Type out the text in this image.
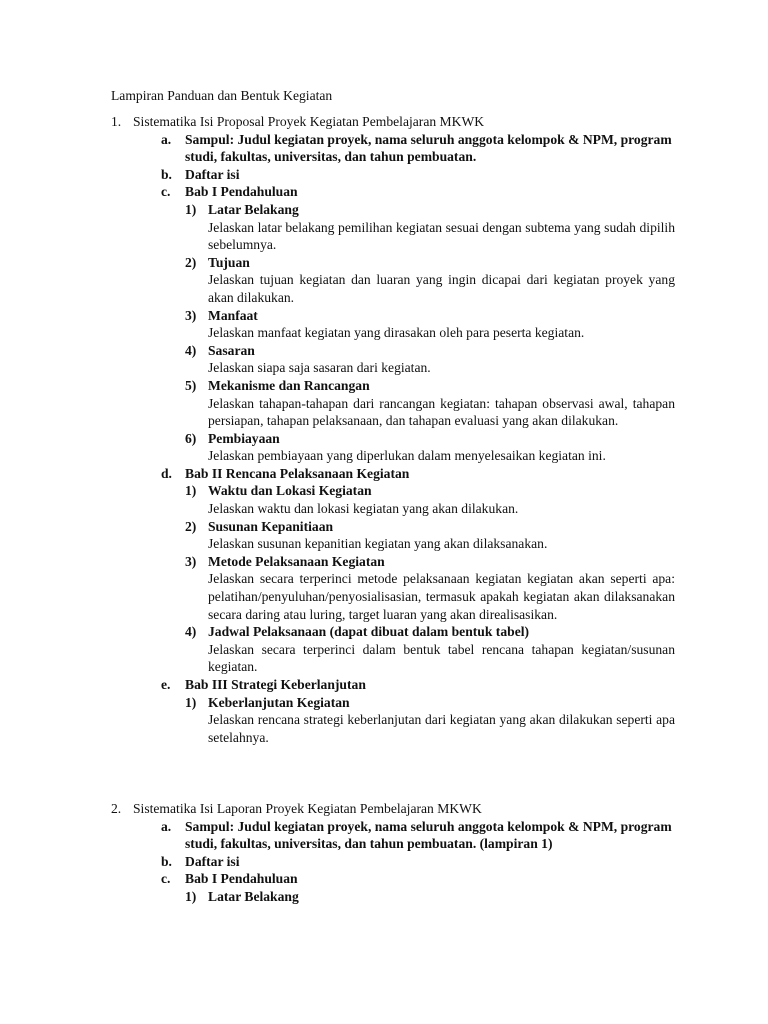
Lampiran Panduan dan Bentuk Kegiatan
1. Sistematika Isi Proposal Proyek Kegiatan Pembelajaran MKWK
a.	Sampul: Judul kegiatan proyek, nama seluruh anggota kelompok & NPM, program studi, fakultas, universitas, dan tahun pembuatan.
b. Daftar isi
c.	Bab I Pendahuluan
1) Latar Belakang
Jelaskan latar belakang pemilihan kegiatan sesuai dengan subtema yang sudah dipilih sebelumnya.
2) Tujuan
Jelaskan tujuan kegiatan dan luaran yang ingin dicapai dari kegiatan proyek yang akan dilakukan.
3) Manfaat
Jelaskan manfaat kegiatan yang dirasakan oleh para peserta kegiatan.
4) Sasaran
Jelaskan siapa saja sasaran dari kegiatan.
5) Mekanisme dan Rancangan
Jelaskan tahapan-tahapan dari rancangan kegiatan: tahapan observasi awal, tahapan persiapan, tahapan pelaksanaan, dan tahapan evaluasi yang akan dilakukan.
6) Pembiayaan
Jelaskan pembiayaan yang diperlukan dalam menyelesaikan kegiatan ini.
d. Bab II Rencana Pelaksanaan Kegiatan
1) Waktu dan Lokasi Kegiatan
Jelaskan waktu dan lokasi kegiatan yang akan dilakukan.
2) Susunan Kepanitiaan
Jelaskan susunan kepanitian kegiatan yang akan dilaksanakan.
3) Metode Pelaksanaan Kegiatan
Jelaskan secara terperinci metode pelaksanaan kegiatan kegiatan akan seperti apa: pelatihan/penyuluhan/penyosialisasian, termasuk apakah kegiatan akan dilaksanakan secara daring atau luring, target luaran yang akan direalisasikan.
4) Jadwal Pelaksanaan (dapat dibuat dalam bentuk tabel)
Jelaskan secara terperinci dalam bentuk tabel rencana tahapan kegiatan/susunan kegiatan.
e.	Bab III Strategi Keberlanjutan
1) Keberlanjutan Kegiatan
Jelaskan rencana strategi keberlanjutan dari kegiatan yang akan dilakukan seperti apa setelahnya.
2. Sistematika Isi Laporan Proyek Kegiatan Pembelajaran MKWK
a.	Sampul: Judul kegiatan proyek, nama seluruh anggota kelompok & NPM, program studi, fakultas, universitas, dan tahun pembuatan. (lampiran 1)
b. Daftar isi
c.	Bab I Pendahuluan
1) Latar Belakang
